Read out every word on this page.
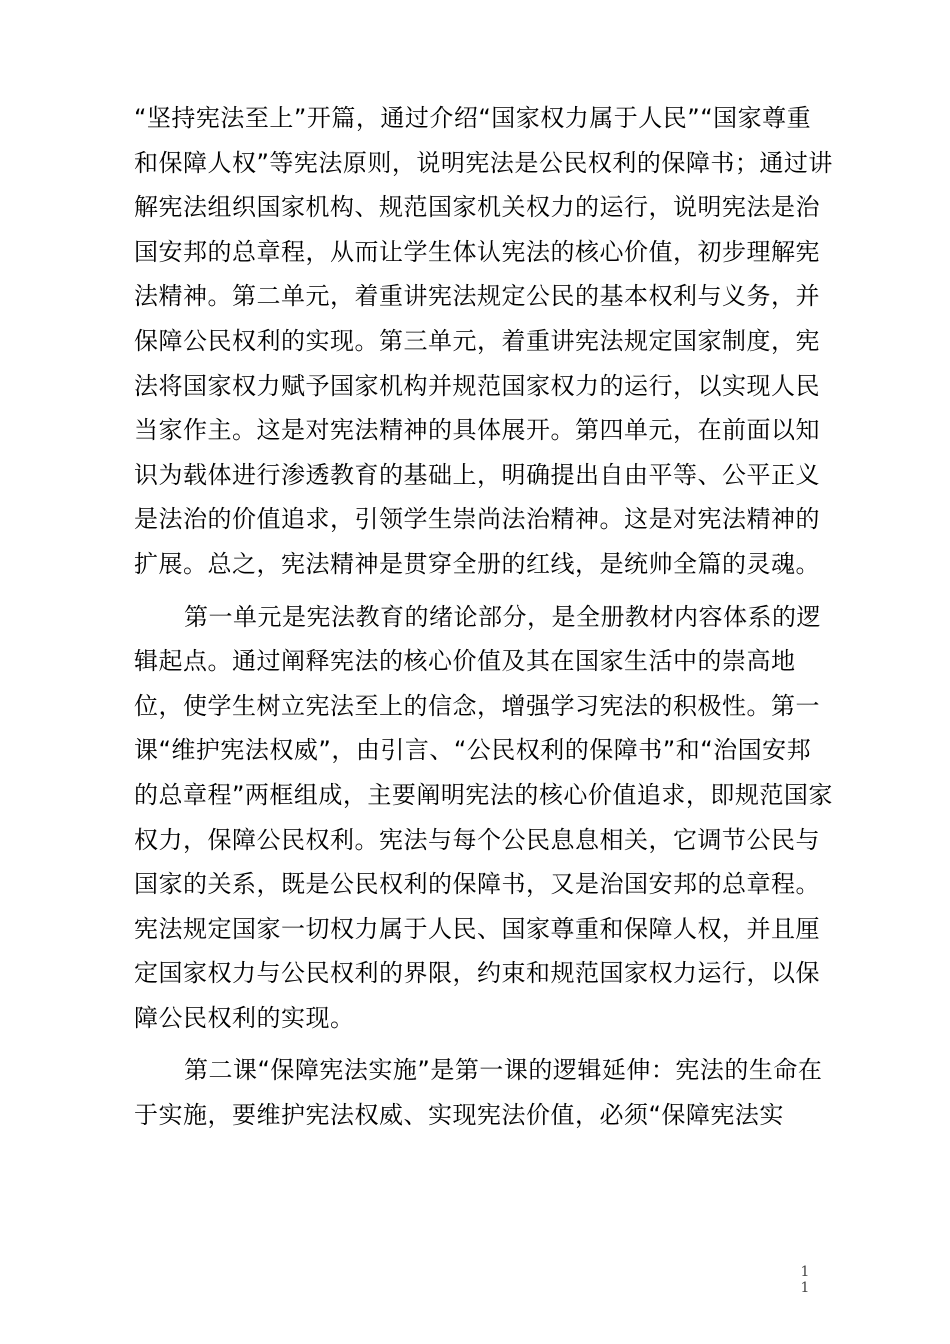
“坚持宪法至上”开篇，通过介绍“国家权力属于人民”“国家尊重和保障人权”等宪法原则，说明宪法是公民权利的保障书；通过讲解宪法组织国家机构、规范国家机关权力的运行，说明宪法是治国安邦的总章程，从而让学生体认宪法的核心价值，初步理解宪法精神。第二单元，着重讲宪法规定公民的基本权利与义务，并保障公民权利的实现。第三单元，着重讲宪法规定国家制度，宪法将国家权力赋予国家机构并规范国家权力的运行，以实现人民当家作主。这是对宪法精神的具体展开。第四单元，在前面以知识为载体进行渗透教育的基础上，明确提出自由平等、公平正义是法治的价值追求，引领学生崇尚法治精神。这是对宪法精神的扩展。总之，宪法精神是贯穿全册的红线，是统帅全篇的灵魂。

第一单元是宪法教育的绪论部分，是全册教材内容体系的逻辑起点。通过阐释宪法的核心价值及其在国家生活中的崇高地位，使学生树立宪法至上的信念，增强学习宪法的积极性。第一课“维护宪法权威”，由引言、“公民权利的保障书”和“治国安邦的总章程”两框组成，主要阐明宪法的核心价值追求，即规范国家权力，保障公民权利。宪法与每个公民息息相关，它调节公民与国家的关系，既是公民权利的保障书，又是治国安邦的总章程。宪法规定国家一切权力属于人民、国家尊重和保障人权，并且厘定国家权力与公民权利的界限，约束和规范国家权力运行，以保障公民权利的实现。

第二课“保障宪法实施”是第一课的逻辑延伸：宪法的生命在于实施，要维护宪法权威、实现宪法价值，必须“保障宪法实

1
1
